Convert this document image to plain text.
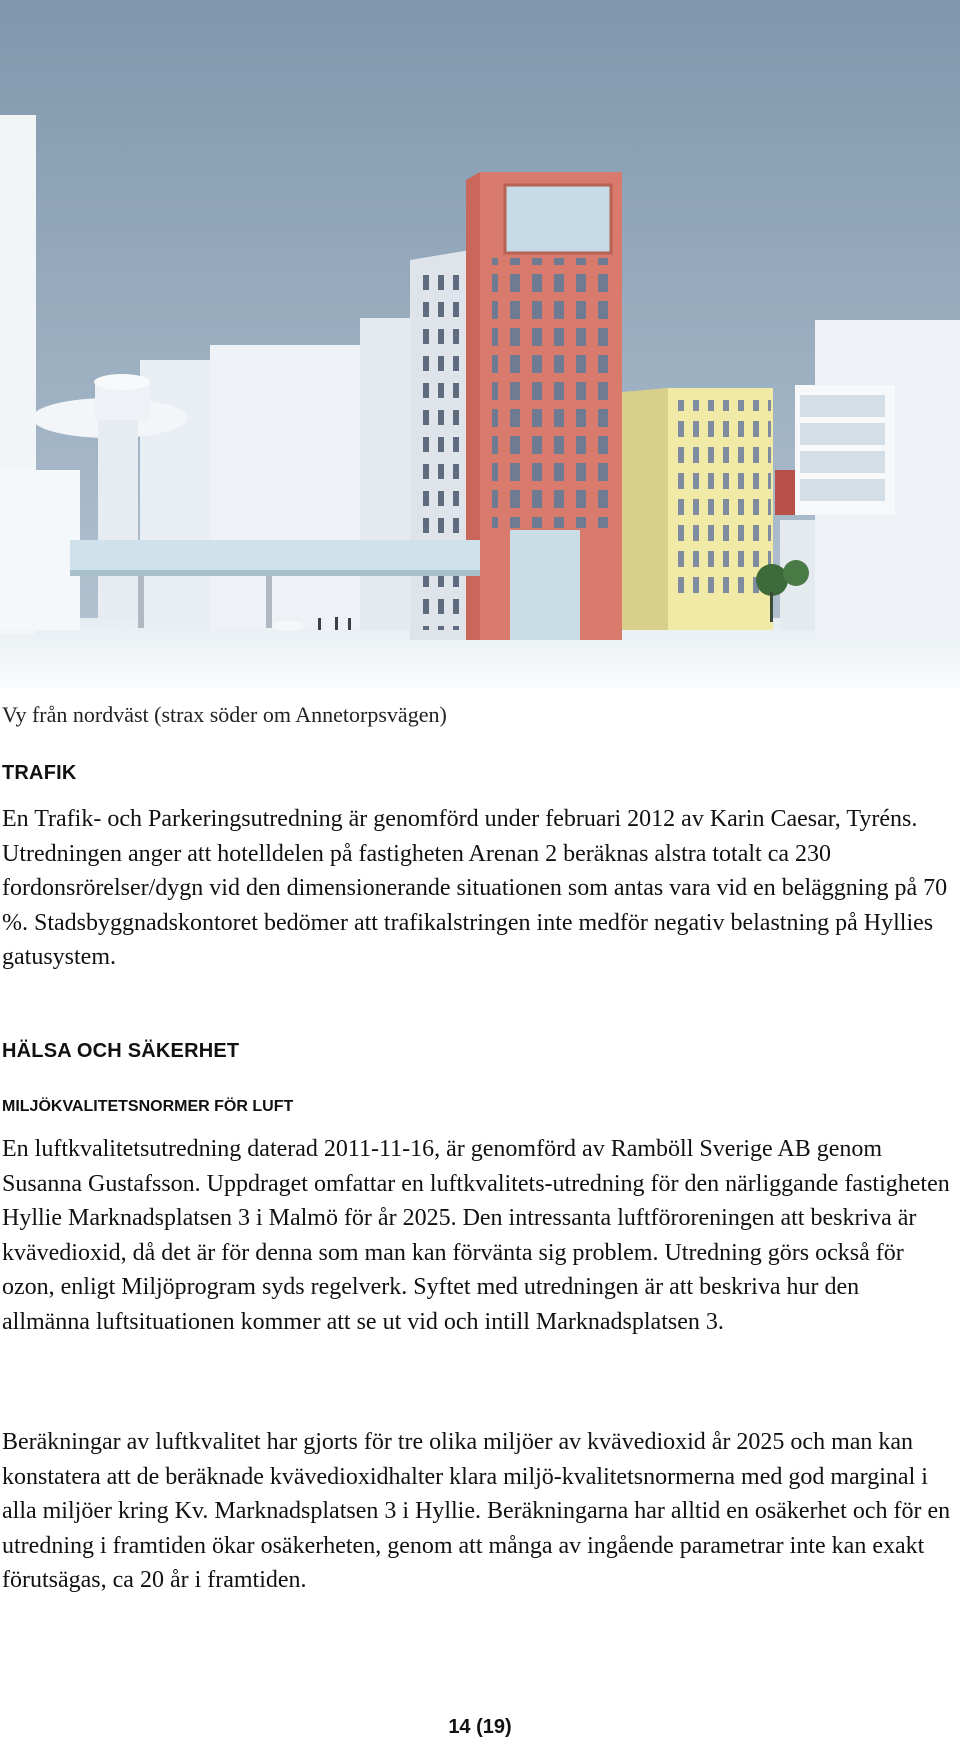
Vy från nordväst (strax söder om Annetorpsvägen)
TRAFIK

En Trafik- och Parkeringsutredning är genomförd under februari 2012 av Karin Caesar, Tyréns. Utredningen anger att hotelldelen på fastigheten Arenan 2 beräknas alstra totalt ca 230 fordonsrörelser/dygn vid den dimensionerande situationen som antas vara vid en beläggning på 70 %. Stadsbyggnadskontoret bedömer att trafikalstringen inte medför negativ belastning på Hyllies gatusystem.

HÄLSA OCH SÄKERHET
MILJÖKVALITETSNORMER FÖR LUFT

En luftkvalitetsutredning daterad 2011-11-16, är genomförd av Ramböll Sverige AB genom Susanna Gustafsson. Uppdraget omfattar en luftkvalitets-utredning för den närliggande fastigheten Hyllie Marknadsplatsen 3 i Malmö för år 2025. Den intressanta luftföroreningen att beskriva är kvävedioxid, då det är för denna som man kan förvänta sig problem. Utredning görs också för ozon, enligt Miljöprogram syds regelverk. Syftet med utredningen är att beskriva hur den allmänna luftsituationen kommer att se ut vid och intill Marknadsplatsen 3.

Beräkningar av luftkvalitet har gjorts för tre olika miljöer av kvävedioxid år 2025 och man kan konstatera att de beräknade kvävedioxidhalter klara miljö-kvalitetsnormerna med god marginal i alla miljöer kring Kv. Marknadsplatsen 3 i Hyllie. Beräkningarna har alltid en osäkerhet och för en utredning i framtiden ökar osäkerheten, genom att många av ingående parametrar inte kan exakt förutsägas, ca 20 år i framtiden.

14 (19)
